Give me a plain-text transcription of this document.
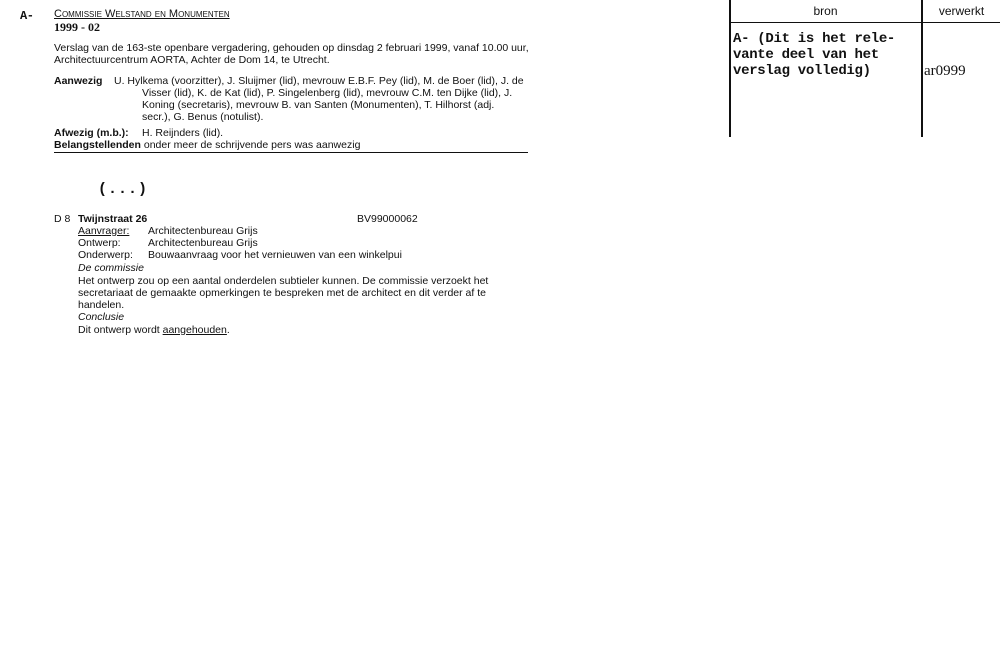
A- Commissie Welstand en Monumenten
1999 - 02
Verslag van de 163-ste openbare vergadering, gehouden op dinsdag 2 februari 1999, vanaf 10.00 uur,
Architectuurcentrum AORTA, Achter de Dom 14, te Utrecht.
Aanwezig U. Hylkema (voorzitter), J. Sluijmer (lid), mevrouw E.B.F. Pey (lid), M. de Boer (lid), J. de
Visser (lid), K. de Kat (lid), P. Singelenberg (lid), mevrouw C.M. ten Dijke (lid), J.
Koning (secretaris), mevrouw B. van Santen (Monumenten), T. Hilhorst (adj.
secr.), G. Benus (notulist).
Afwezig (m.b.): H. Reijnders (lid).
Belangstellenden onder meer de schrijvende pers was aanwezig
(...)
D 8 Twijnstraat 26	BV99000062
Aanvrager: Architectenbureau Grijs
Ontwerp:	Architectenbureau Grijs
Onderwerp: Bouwaanvraag voor het vernieuwen van een winkelpui
De commissie
Het ontwerp zou op een aantal onderdelen subtieler kunnen. De commissie verzoekt het
secretariaat de gemaakte opmerkingen te bespreken met de architect en dit verder af te
handelen.
Conclusie
Dit ontwerp wordt aangehouden.
bron	verwerkt
A- (Dit is het rele-
vante deel van het
verslag volledig)	ar0999
